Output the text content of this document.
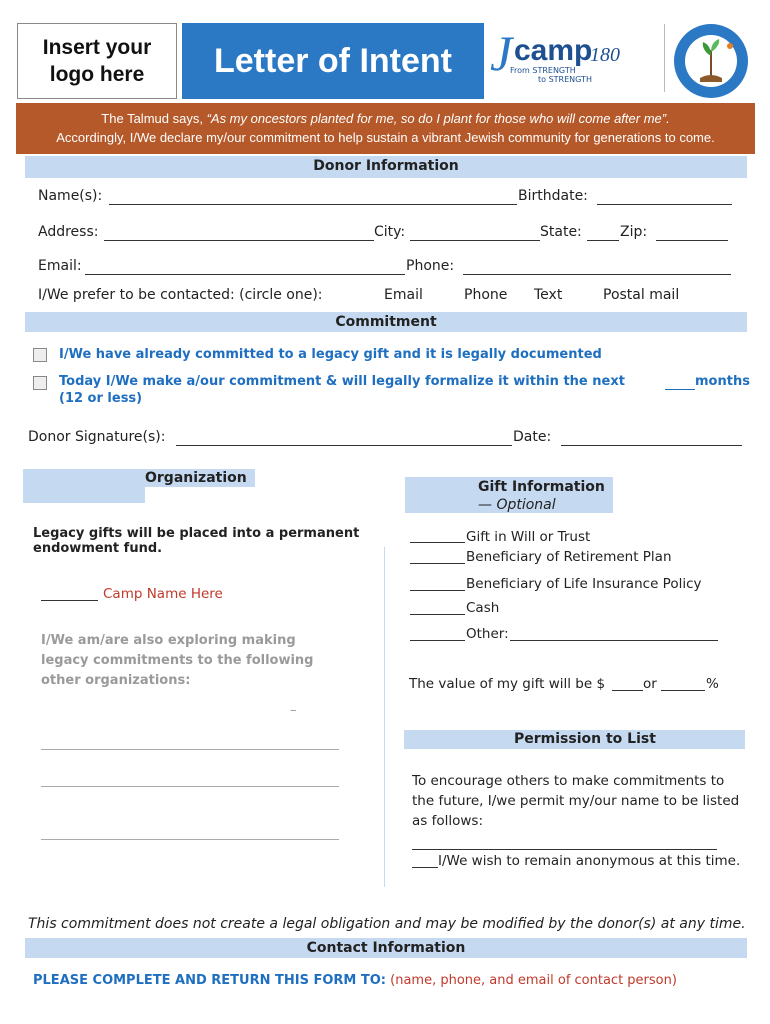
Insert your
logo here	Letter of Intent J camp
180
From STRENGTH
to STRENGTH
The Talmud says, “As my oncestors planted for me, so do I plant for those who will come after me”.
Accordingly, I/We declare my/our commitment to help sustain a vibrant Jewish community for generations to come.
Donor Information
Name(s):	Birthdate:
Address:	City:	State:	Zip:
Email:	Phone:
I/We prefer to be contacted: (circle one):	Email	Phone Text	Postal mail
Commitment
I/We have already committed to a legacy gift and it is legally documented
Today I/We make a/our commitment & will legally formalize it within the next	months
(12 or less)
Donor Signature(s):	Date:
Organization
Legacy gifts will be placed into a permanent endowment fund.
Camp Name Here
I/We am/are also exploring making
legacy commitments to the following
other organizations:
–
Gift Information
— Optional
Gift in Will or Trust
Beneficiary of Retirement Plan
Beneficiary of Life Insurance Policy
Cash
Other:
The value of my gift will be $	or	%
Permission to List
To encourage others to make commitments to
the future, I/we permit my/our name to be listed
as follows:
I/We wish to remain anonymous at this time.
This commitment does not create a legal obligation and may be modified by the donor(s) at any time.
Contact Information
PLEASE COMPLETE AND RETURN THIS FORM TO: (name, phone, and email of contact person)
